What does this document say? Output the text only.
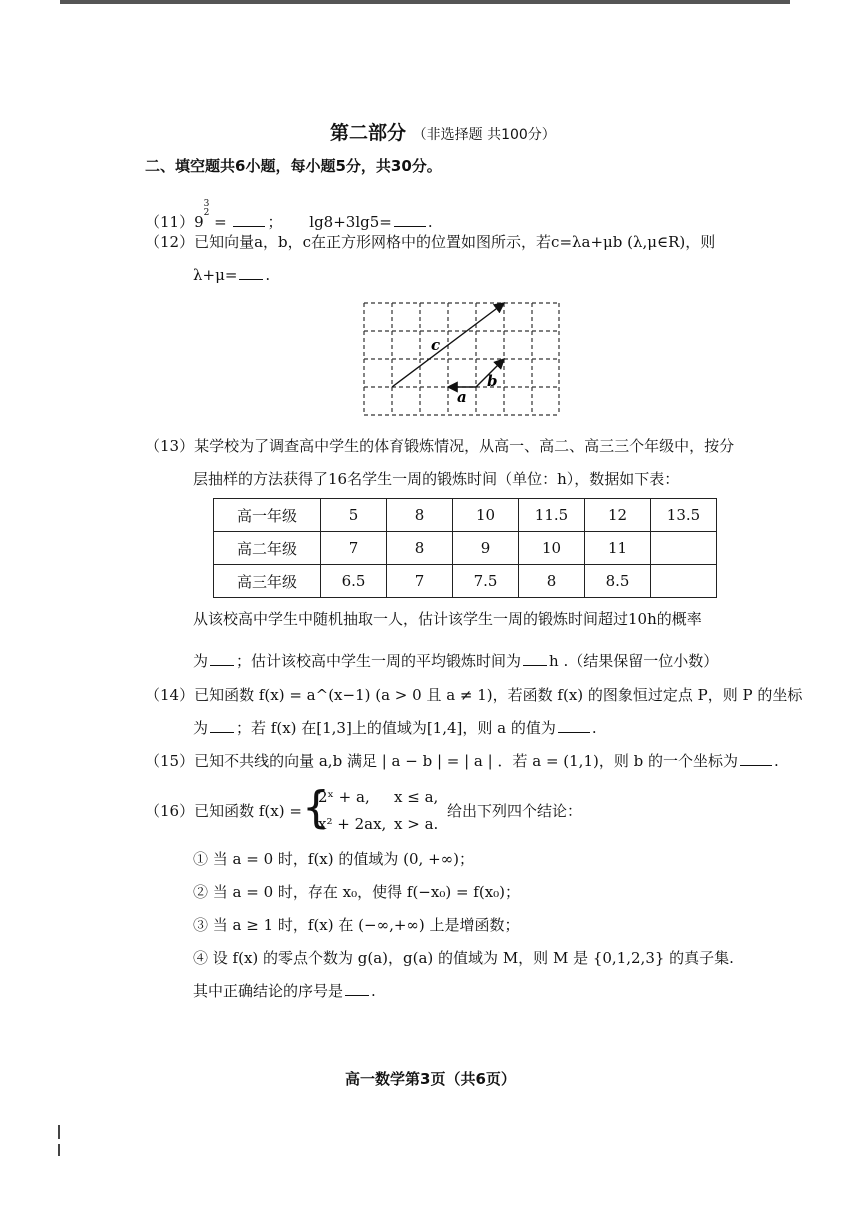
第二部分 （非选择题 共100分）
二、填空题共6小题，每小题5分，共30分。
$(11)9^{3 2}$ = ； lg8+3lg5= .
（12）已知向量a，b，c在正方形网格中的位置如图所示，若c=λa+μb (λ,μ∈R)，则
λ+μ= .
c
b
a
（13）某学校为了调查高中学生的体育锻炼情况，从高一、高二、高三三个年级中，按分
层抽样的方法获得了16名学生一周的锻炼时间（单位：h），数据如下表：
高一年级	5	8	10	11.5	12	13.5
高二年级	7	8	9	10	11	
高三年级	6.5	7	7.5	8	8.5	
从该校高中学生中随机抽取一人，估计该学生一周的锻炼时间超过10h的概率
为 ；估计该校高中学生一周的平均锻炼时间为 h .（结果保留一位小数）
（14）已知函数 f(x) = a^(x−1) (a > 0 且 a ≠ 1)，若函数 f(x) 的图象恒过定点 P，则 P 的坐标
为 ；若 f(x) 在[1,3]上的值域为[1,4]，则 a 的值为 .
（15）已知不共线的向量 a,b 满足 | a − b | = | a | ．若 a = (1,1)，则 b 的一个坐标为 .
（16）已知函数 f(x) = {
2ˣ + a, x ≤ a,
x² + 2ax, x > a.
给出下列四个结论：
① 当 a = 0 时，f(x) 的值域为 (0, +∞)；
② 当 a = 0 时，存在 x₀，使得 f(−x₀) = f(x₀)；
③ 当 a ≥ 1 时，f(x) 在 (−∞,+∞) 上是增函数；
④ 设 f(x) 的零点个数为 g(a)，g(a) 的值域为 M，则 M 是 {0,1,2,3} 的真子集.
其中正确结论的序号是 .
高一数学第3页（共6页）
